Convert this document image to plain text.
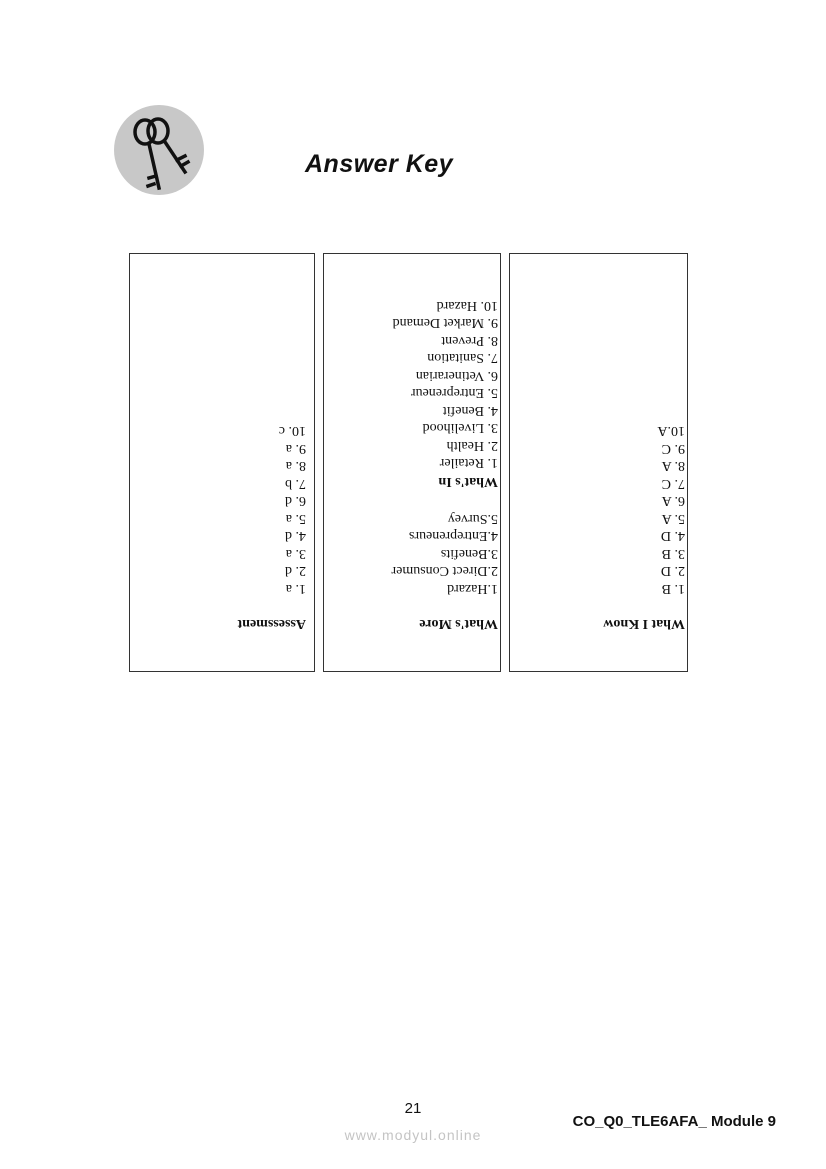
Answer Key
Assessment
1. a
2. d
3. a
4. d
5. a
6. d
7. b
8. a
9. a
10. c
What's More
1.Hazard
2.Direct Consumer
3.Benefits
4.Entrepreneurs
5.Survey
What's In
1. Retailer
2. Health
3. Livelihood
4. Benefit
5. Entrepreneur
6. Vetinerarian
7. Sanitation
8. Prevent
9. Market Demand
10. Hazard
What I Know
1. B
2. D
3. B
4. D
5. A
6. A
7. C
8. A
9. C
10.A
21
CO_Q0_TLE6AFA_ Module 9
www.modyul.online
